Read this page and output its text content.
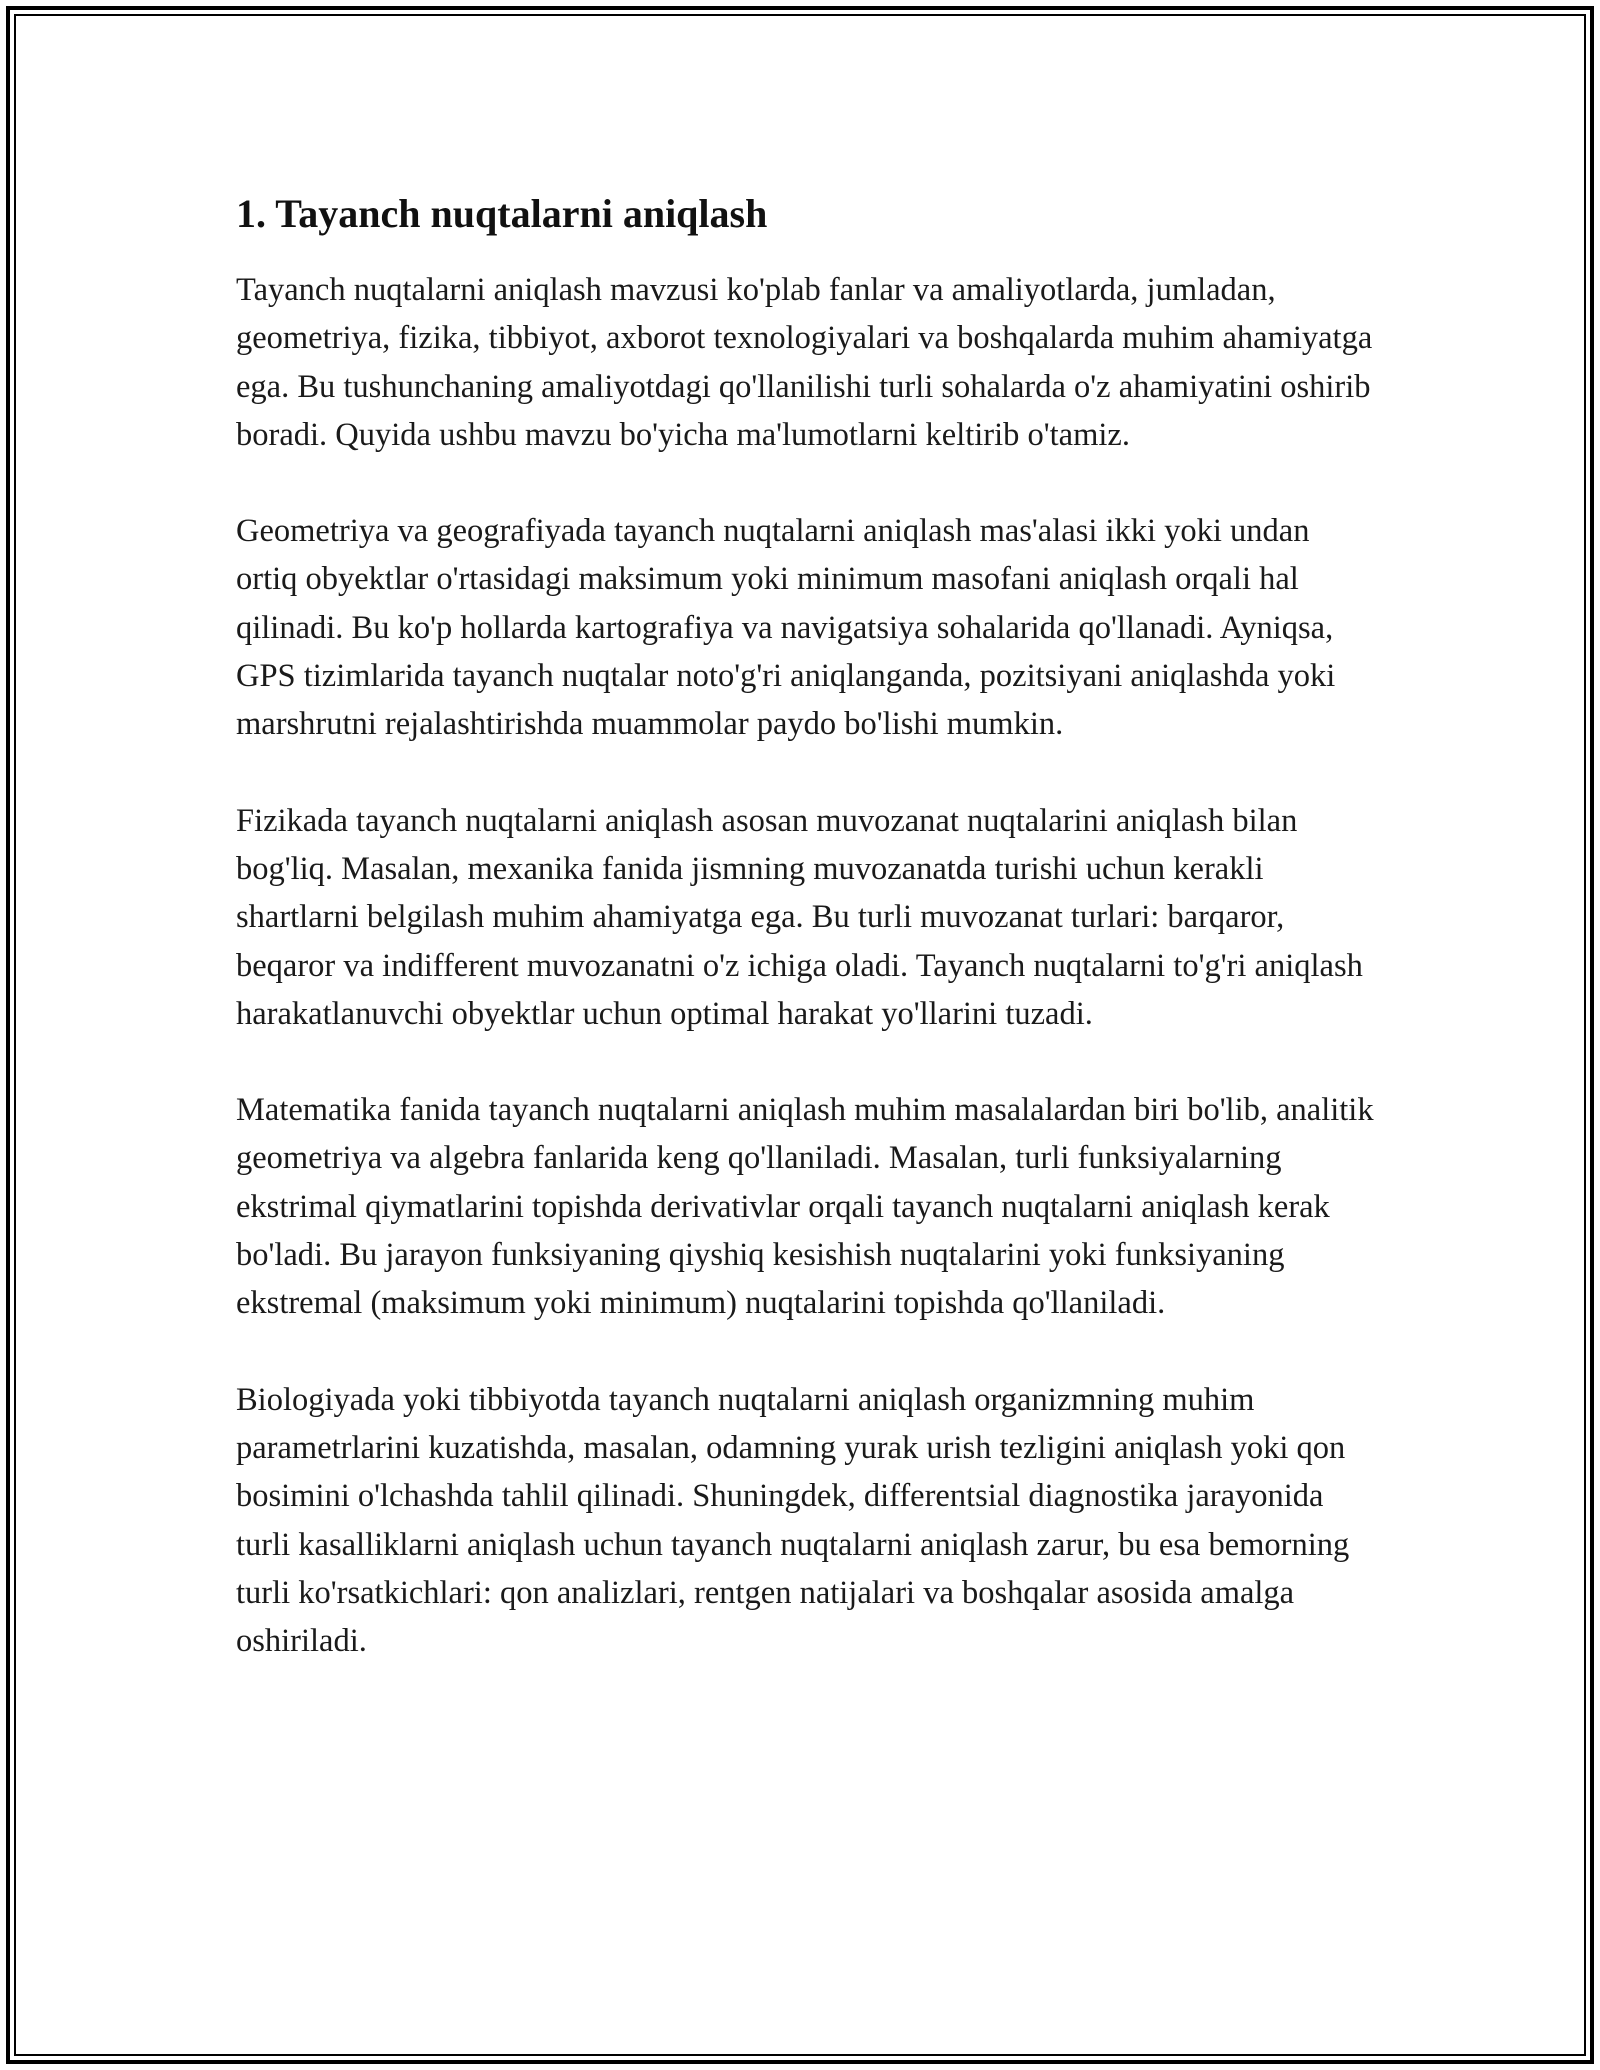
1. Tayanch nuqtalarni aniqlash

Tayanch nuqtalarni aniqlash mavzusi ko'plab fanlar va amaliyotlarda, jumladan, geometriya, fizika, tibbiyot, axborot texnologiyalari va boshqalarda muhim ahamiyatga ega. Bu tushunchaning amaliyotdagi qo'llanilishi turli sohalarda o'z ahamiyatini oshirib boradi. Quyida ushbu mavzu bo'yicha ma'lumotlarni keltirib o'tamiz.

Geometriya va geografiyada tayanch nuqtalarni aniqlash mas'alasi ikki yoki undan ortiq obyektlar o'rtasidagi maksimum yoki minimum masofani aniqlash orqali hal qilinadi. Bu ko'p hollarda kartografiya va navigatsiya sohalarida qo'llanadi. Ayniqsa, GPS tizimlarida tayanch nuqtalar noto'g'ri aniqlanganda, pozitsiyani aniqlashda yoki marshrutni rejalashtirishda muammolar paydo bo'lishi mumkin.

Fizikada tayanch nuqtalarni aniqlash asosan muvozanat nuqtalarini aniqlash bilan bog'liq. Masalan, mexanika fanida jismning muvozanatda turishi uchun kerakli shartlarni belgilash muhim ahamiyatga ega. Bu turli muvozanat turlari: barqaror, beqaror va indifferent muvozanatni o'z ichiga oladi. Tayanch nuqtalarni to'g'ri aniqlash harakatlanuvchi obyektlar uchun optimal harakat yo'llarini tuzadi.

Matematika fanida tayanch nuqtalarni aniqlash muhim masalalardan biri bo'lib, analitik geometriya va algebra fanlarida keng qo'llaniladi. Masalan, turli funksiyalarning ekstrimal qiymatlarini topishda derivativlar orqali tayanch nuqtalarni aniqlash kerak bo'ladi. Bu jarayon funksiyaning qiyshiq kesishish nuqtalarini yoki funksiyaning ekstremal (maksimum yoki minimum) nuqtalarini topishda qo'llaniladi.

Biologiyada yoki tibbiyotda tayanch nuqtalarni aniqlash organizmning muhim parametrlarini kuzatishda, masalan, odamning yurak urish tezligini aniqlash yoki qon bosimini o'lchashda tahlil qilinadi. Shuningdek, differentsial diagnostika jarayonida turli kasalliklarni aniqlash uchun tayanch nuqtalarni aniqlash zarur, bu esa bemorning turli ko'rsatkichlari: qon analizlari, rentgen natijalari va boshqalar asosida amalga oshiriladi.
